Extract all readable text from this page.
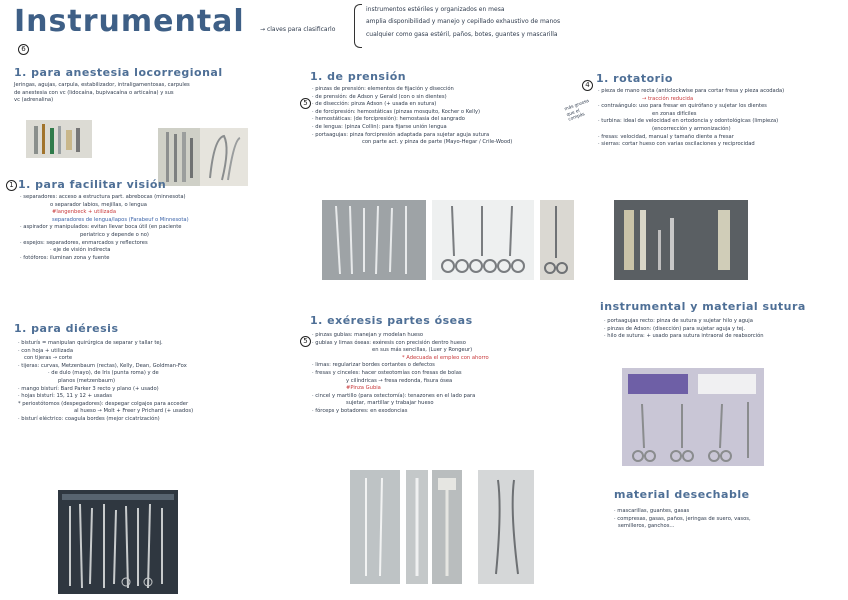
Instrumental
6
→ claves para clasificarlo
instrumentos estériles y organizados en mesa
amplia disponibilidad y manejo y cepillado exhaustivo de manos
cualquier como gasa estéril, paños, botes, guantes y mascarilla
1. para anestesia locorregional
Jeringas, agujas, carpula, estabilizador, intraligamentosas, carpules
de anestesia con vc (lidocaína, bupivacaína o articaína) y sus
vc (adrenalina)
1 1. para facilitar visión
· separadores: acceso a estructura part. abrebocas (minnesota)
o separador labios, mejillas, o lengua
#langenbeck + utilizada
separadores de lengua/lapos (Farabeuf o Minnesota)
· aspirador y manipulados: evitan llevar boca útil (en paciente
periatrico y depende o no)
· espejos: separadores, enmarcados y reflectores
· eje de visión indirecta
· fotóforos: iluminan zona y fuente
1. para diéresis
· bisturís = manipulan quirúrgica de separar y tallar tej.
· con hoja + utilizada
con tijeras → corte
· tijeras: curvas, Metzenbaum (rectas), Kelly, Dean, Goldman-Fox
· de dulo (mayo), de Iris (punta roma) y de
planos (metzenbaum)
· mango bisturí: Bard Parker 3 recto y plano (+ usado)
· hojas bisturí: 15, 11 y 12 + usadas
* periostótomos (despegadores): despegar colgajos para acceder
al hueso → Molt + Freer y Prichard (+ usados)
· bisturí eléctrico: coagula bordes (mejor cicatrización)
5
1. de prensión
· pinzas de prensión: elementos de fijación y disección
· de prensión: de Adson y Gerald (con o sin dientes)
· de disección: pinza Adson (+ usada en sutura)
· de forcipresión: hemostáticas (pinzas mosquito, Kocher o Kelly)
· hemostáticas: (de forcipresión): hemostasia del sangrado
· de lengua: (pinza Collin): para fijarse unión lengua
· portaagujas: pinza forcipresión adaptada para sujetar aguja sutura
con parte act. y pinza de parte (Mayo-Hegar / Crile-Wood)
5
1. exéresis partes óseas
· pinzas gubias: manejan y modelan hueso
· gubias y limas óseas: exéresis con precisión dentro hueso
en sus más sencillas, (Luer y Rongeur)
* Adecuada el empleo con ahorro
· limas: regularizar bordes cortantes o defectos
· fresas y cinceles: hacer osteotomías con fresas de bolas
y cilíndricas → fresa redonda, fisura ósea
#Pinza Gubia
· cincel y martillo (para ostectomía): tenazones en el lado para
sujetar, martillar y trabajar hueso
· fórceps y botadores: en exodoncias
4
más gruesa que el compás
1. rotatorio
· pieza de mano recta (anticlockwise para cortar fresa y pieza acodada)
→ tracción reducida
· contraángulo: uso para fresar en quirófano y sujetar los dientes
en zonas difíciles
· turbina: ideal de velocidad en ortodoncia y odontológicas (limpieza)
(encorrección y armonización)
· fresas: velocidad, manual y tamaño diente a fresar
· sierras: cortar hueso con varias oscilaciones y reciprocidad
instrumental y material sutura
· portaagujas recto: pinza de sutura y sujetar hilo y aguja
· pinzas de Adson: (disección) para sujetar aguja y tej.
· hilo de sutura: + usado para sutura intraoral de reabsorción
material desechable
· mascarillas, guantes, gasas
· compresas, gasas, paños, jeringas de suero, vasos,
semilleros, ganchos...
